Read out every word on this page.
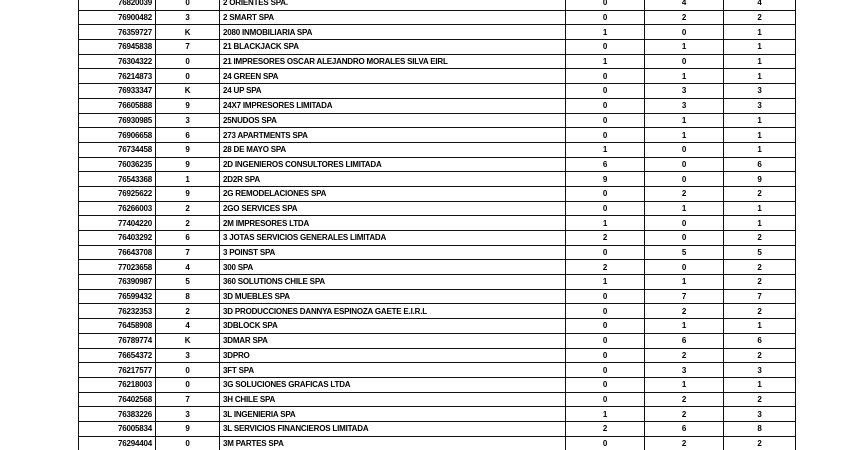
76820039	0	2 ORIENTES SPA.	0	4	4
76900482	3	2 SMART SPA	0	2	2
76359727	K	2080 INMOBILIARIA SPA	1	0	1
76945838	7	21 BLACKJACK SPA	0	1	1
76304322	0	21 IMPRESORES OSCAR ALEJANDRO MORALES SILVA EIRL	1	0	1
76214873	0	24 GREEN SPA	0	1	1
76933347	K	24 UP SPA	0	3	3
76605888	9	24X7 IMPRESORES LIMITADA	0	3	3
76930985	3	25NUDOS SPA	0	1	1
76906658	6	273 APARTMENTS SPA	0	1	1
76734458	9	28 DE MAYO SPA	1	0	1
76036235	9	2D INGENIEROS CONSULTORES LIMITADA	6	0	6
76543368	1	2D2R SPA	9	0	9
76925622	9	2G REMODELACIONES SPA	0	2	2
76266003	2	2GO SERVICES SPA	0	1	1
77404220	2	2M IMPRESORES LTDA	1	0	1
76403292	6	3 JOTAS SERVICIOS GENERALES LIMITADA	2	0	2
76643708	7	3 POINST SPA	0	5	5
77023658	4	300 SPA	2	0	2
76390987	5	360 SOLUTIONS CHILE SPA	1	1	2
76599432	8	3D MUEBLES SPA	0	7	7
76232353	2	3D PRODUCCIONES DANNYA ESPINOZA GAETE E.I.R.L	0	2	2
76458908	4	3DBLOCK SPA	0	1	1
76789774	K	3DMAR SPA	0	6	6
76654372	3	3DPRO	0	2	2
76217577	0	3FT SPA	0	3	3
76218003	0	3G SOLUCIONES GRAFICAS LTDA	0	1	1
76402568	7	3H CHILE SPA	0	2	2
76383226	3	3L INGENIERIA SPA	1	2	3
76005834	9	3L SERVICIOS FINANCIEROS LIMITADA	2	6	8
76294404	0	3M PARTES SPA	0	2	2
